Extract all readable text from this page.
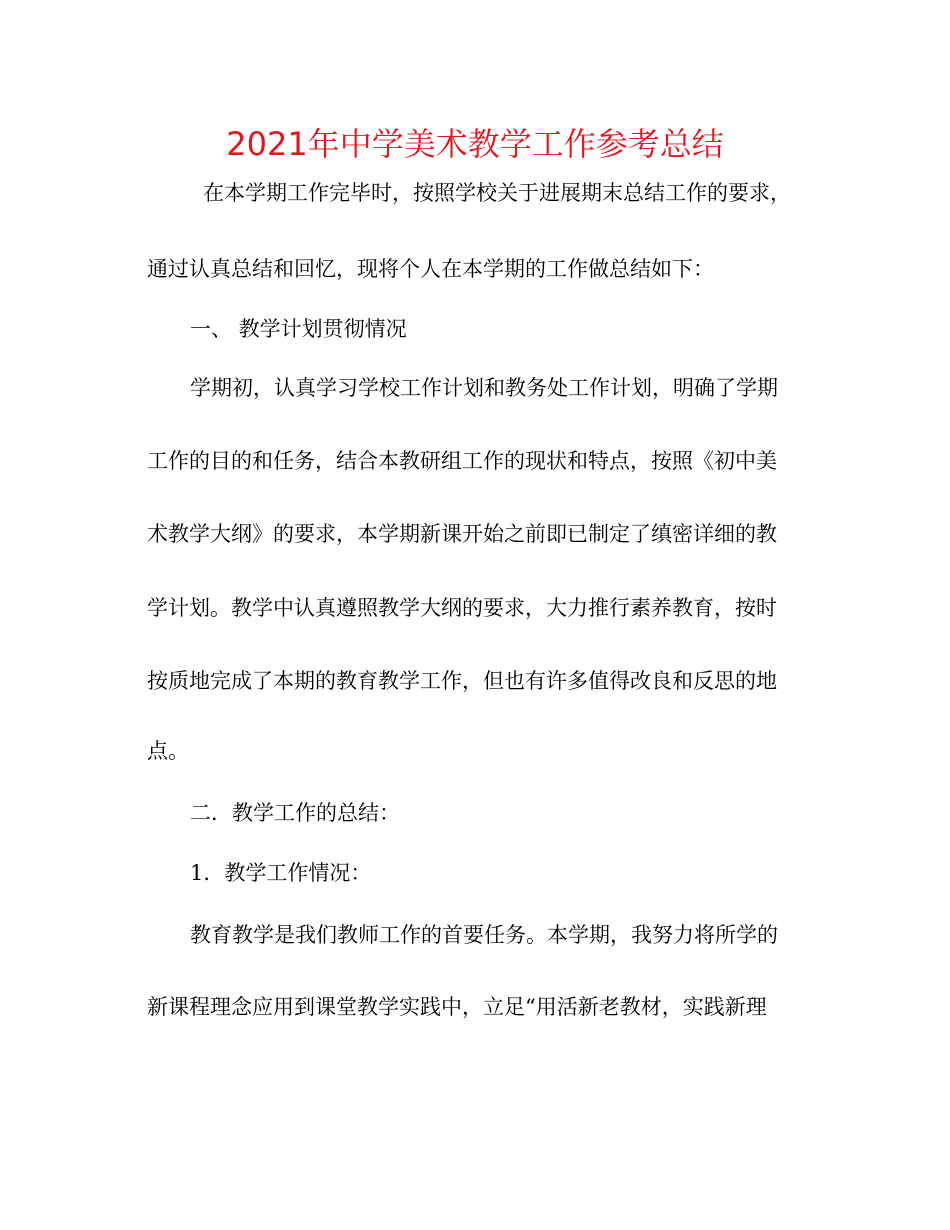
2021年中学美术教学工作参考总结
在本学期工作完毕时，按照学校关于进展期末总结工作的要求，
通过认真总结和回忆，现将个人在本学期的工作做总结如下：
一、 教学计划贯彻情况
学期初，认真学习学校工作计划和教务处工作计划，明确了学期
工作的目的和任务，结合本教研组工作的现状和特点，按照《初中美
术教学大纲》的要求，本学期新课开始之前即已制定了缜密详细的教
学计划。教学中认真遵照教学大纲的要求，大力推行素养教育，按时
按质地完成了本期的教育教学工作，但也有许多值得改良和反思的地
点。
二．教学工作的总结：
1．教学工作情况：
教育教学是我们教师工作的首要任务。本学期，我努力将所学的
新课程理念应用到课堂教学实践中，立足“用活新老教材，实践新理
